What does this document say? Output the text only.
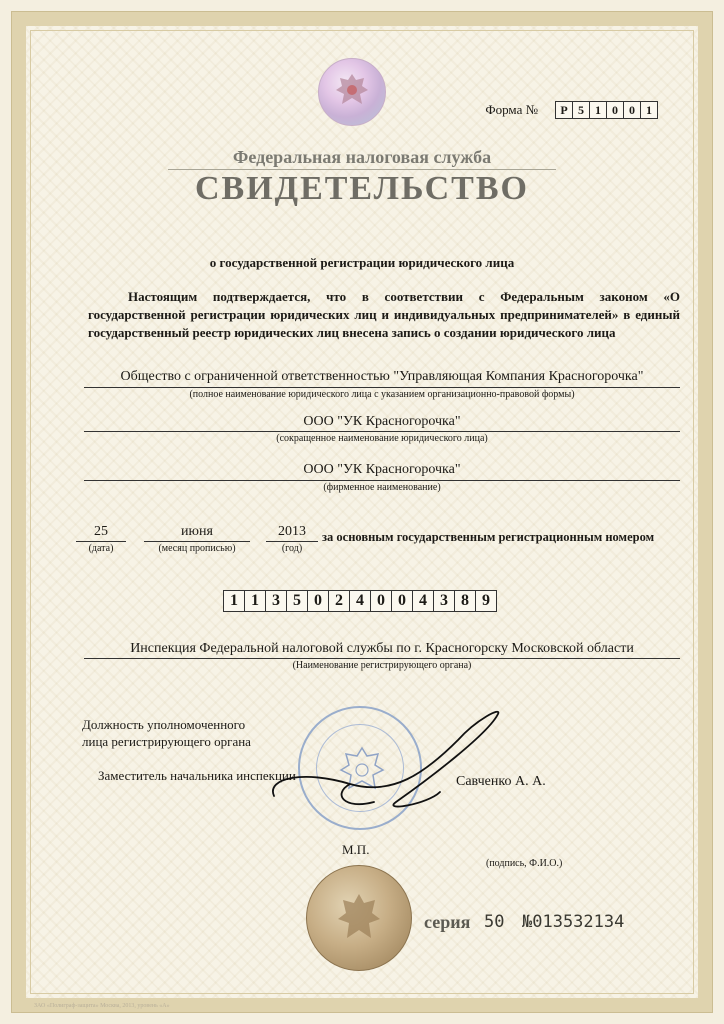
Форма №	Р 5 1 0 0 1
Федеральная налоговая служба
СВИДЕТЕЛЬСТВО
о государственной регистрации юридического лица
Настоящим подтверждается, что в соответствии с Федеральным законом «О государственной регистрации юридических лиц и индивидуальных предпринимателей» в единый государственный реестр юридических лиц внесена запись о создании юридического лица
Общество с ограниченной ответственностью "Управляющая Компания Красногорочка"
(полное наименование юридического лица с указанием организационно-правовой формы)
ООО "УК Красногорочка"
(сокращенное наименование юридического лица)
ООО "УК Красногорочка"
(фирменное наименование)
25
(дата)
июня
(месяц прописью)
2013
(год)
за основным государственным регистрационным номером
1 1 3 5 0 2 4 0 0 4 3 8 9
Инспекция Федеральной налоговой службы по г. Красногорску Московской области
(Наименование регистрирующего органа)
Должность уполномоченного
лица регистрирующего органа
Заместитель начальника инспекции	Савченко А. А.
М.П.
(подпись, Ф.И.О.)
серия 50 №013532134
ЗАО «Полиграф-защита» Москва, 2013, уровень «А»
